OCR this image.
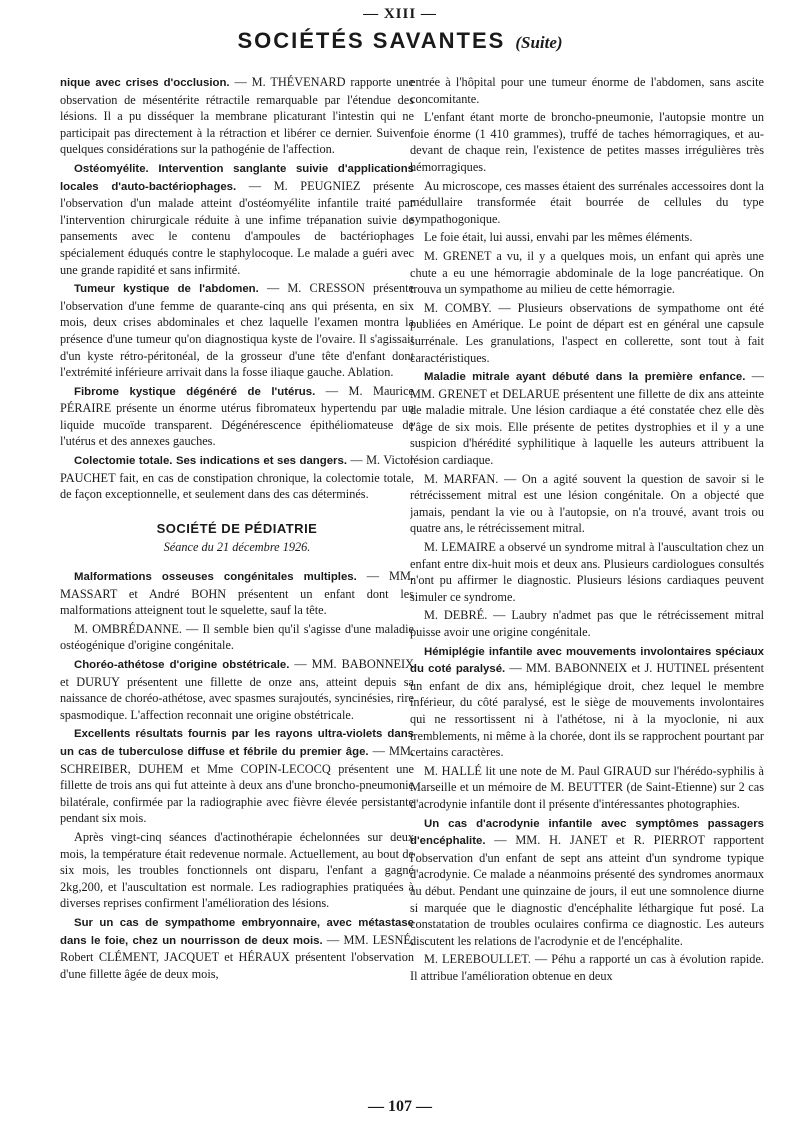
— XIII —
SOCIÉTÉS SAVANTES (Suite)

nique avec crises d'occlusion. — M. THÉVENARD rapporte une observation de mésentérite rétractile remarquable par l'étendue des lésions. Il a pu disséquer la membrane plicaturant l'intestin qui ne participait pas directement à la rétraction et libérer ce dernier. Suivent quelques considérations sur la pathogénie de l'affection.

Ostéomyélite. Intervention sanglante suivie d'applications locales d'auto-bactériophages. — M. PEUGNIEZ présente l'observation d'un malade atteint d'ostéomyélite infantile traité par l'intervention chirurgicale réduite à une infime trépanation suivie de pansements avec le contenu d'ampoules de bactériophages spécialement éduqués contre le staphylocoque. Le malade a guéri avec une grande rapidité et sans infirmité.

Tumeur kystique de l'abdomen. — M. CRESSON présente l'observation d'une femme de quarante-cinq ans qui présenta, en six mois, deux crises abdominales et chez laquelle l'examen montra la présence d'une tumeur qu'on diagnostiqua kyste de l'ovaire. Il s'agissait d'un kyste rétro-péritonéal, de la grosseur d'une tête d'enfant dont l'extrémité inférieure arrivait dans la fosse iliaque gauche. Ablation.

Fibrome kystique dégénéré de l'utérus. — M. Maurice PÉRAIRE présente un énorme utérus fibromateux hypertendu par un liquide mucoïde transparent. Dégénérescence épithéliomateuse de l'utérus et des annexes gauches.

Colectomie totale. Ses indications et ses dangers. — M. Victor PAUCHET fait, en cas de constipation chronique, la colectomie totale, de façon exceptionnelle, et seulement dans des cas déterminés.

SOCIÉTÉ DE PÉDIATRIE
Séance du 21 décembre 1926.

Malformations osseuses congénitales multiples. — MM. MASSART et André BOHN présentent un enfant dont les malformations atteignent tout le squelette, sauf la tête.

M. OMBRÉDANNE. — Il semble bien qu'il s'agisse d'une maladie ostéogénique d'origine congénitale.

Choréo-athétose d'origine obstétricale. — MM. BABONNEIX et DURUY présentent une fillette de onze ans, atteint depuis sa naissance de choréo-athétose, avec spasmes surajoutés, syncinésies, rire spasmodique. L'affection reconnait une origine obstétricale.

Excellents résultats fournis par les rayons ultra-violets dans un cas de tuberculose diffuse et fébrile du premier âge. — MM. SCHREIBER, DUHEM et Mme COPIN-LECOCQ présentent une fillette de trois ans qui fut atteinte à deux ans d'une broncho-pneumonie bilatérale, confirmée par la radiographie avec fièvre élevée persistante pendant six mois.

Après vingt-cinq séances d'actinothérapie échelonnées sur deux mois, la température était redevenue normale. Actuellement, au bout de six mois, les troubles fonctionnels ont disparu, l'enfant a gagné 2kg,200, et l'auscultation est normale. Les radiographies pratiquées à diverses reprises confirment l'amélioration des lésions.

Sur un cas de sympathome embryonnaire, avec métastase dans le foie, chez un nourrisson de deux mois. — MM. LESNÉ, Robert CLÉMENT, JACQUET et HÉRAUX présentent l'observation d'une fillette âgée de deux mois,

entrée à l'hôpital pour une tumeur énorme de l'abdomen, sans ascite concomitante.

L'enfant étant morte de broncho-pneumonie, l'autopsie montre un foie énorme (1 410 grammes), truffé de taches hémorragiques, et au-devant de chaque rein, l'existence de petites masses irrégulières très hémorragiques.

Au microscope, ces masses étaient des surrénales accessoires dont la médullaire transformée était bourrée de cellules du type sympathogonique.

Le foie était, lui aussi, envahi par les mêmes éléments.

M. GRENET a vu, il y a quelques mois, un enfant qui après une chute a eu une hémorragie abdominale de la loge pancréatique. On trouva un sympathome au milieu de cette hémorragie.

M. COMBY. — Plusieurs observations de sympathome ont été publiées en Amérique. Le point de départ est en général une capsule surrénale. Les granulations, l'aspect en collerette, sont tout à fait caractéristiques.

Maladie mitrale ayant débuté dans la première enfance. — MM. GRENET et DELARUE présentent une fillette de dix ans atteinte de maladie mitrale. Une lésion cardiaque a été constatée chez elle dès l'âge de six mois. Elle présente de petites dystrophies et il y a une suspicion d'hérédité syphilitique à laquelle les auteurs attribuent la lésion cardiaque.

M. MARFAN. — On a agité souvent la question de savoir si le rétrécissement mitral est une lésion congénitale. On a objecté que jamais, pendant la vie ou à l'autopsie, on n'a trouvé, avant trois ou quatre ans, le rétrécissement mitral.

M. LEMAIRE a observé un syndrome mitral à l'auscultation chez un enfant entre dix-huit mois et deux ans. Plusieurs cardiologues consultés n'ont pu affirmer le diagnostic. Plusieurs lésions cardiaques peuvent simuler ce syndrome.

M. DEBRÉ. — Laubry n'admet pas que le rétrécissement mitral puisse avoir une origine congénitale.

Hémiplégie infantile avec mouvements involontaires spéciaux du coté paralysé. — MM. BABONNEIX et J. HUTINEL présentent un enfant de dix ans, hémiplégique droit, chez lequel le membre inférieur, du côté paralysé, est le siège de mouvements involontaires qui ne ressortissent ni à l'athétose, ni à la myoclonie, ni aux tremblements, ni même à la chorée, dont ils se rapprochent pourtant par certains caractères.

M. HALLÉ lit une note de M. Paul GIRAUD sur l'hérédo-syphilis à Marseille et un mémoire de M. BEUTTER (de Saint-Etienne) sur 2 cas d'acrodynie infantile dont il présente d'intéressantes photographies.

Un cas d'acrodynie infantile avec symptômes passagers d'encéphalite. — MM. H. JANET et R. PIERROT rapportent l'observation d'un enfant de sept ans atteint d'un syndrome typique d'acrodynie. Ce malade a néanmoins présenté des syndromes anormaux au début. Pendant une quinzaine de jours, il eut une somnolence diurne si marquée que le diagnostic d'encéphalite léthargique fut posé. La constatation de troubles oculaires confirma ce diagnostic. Les auteurs discutent les relations de l'acrodynie et de l'encéphalite.

M. LEREBOULLET. — Péhu a rapporté un cas à évolution rapide. Il attribue l'amélioration obtenue en deux

— 107 —
